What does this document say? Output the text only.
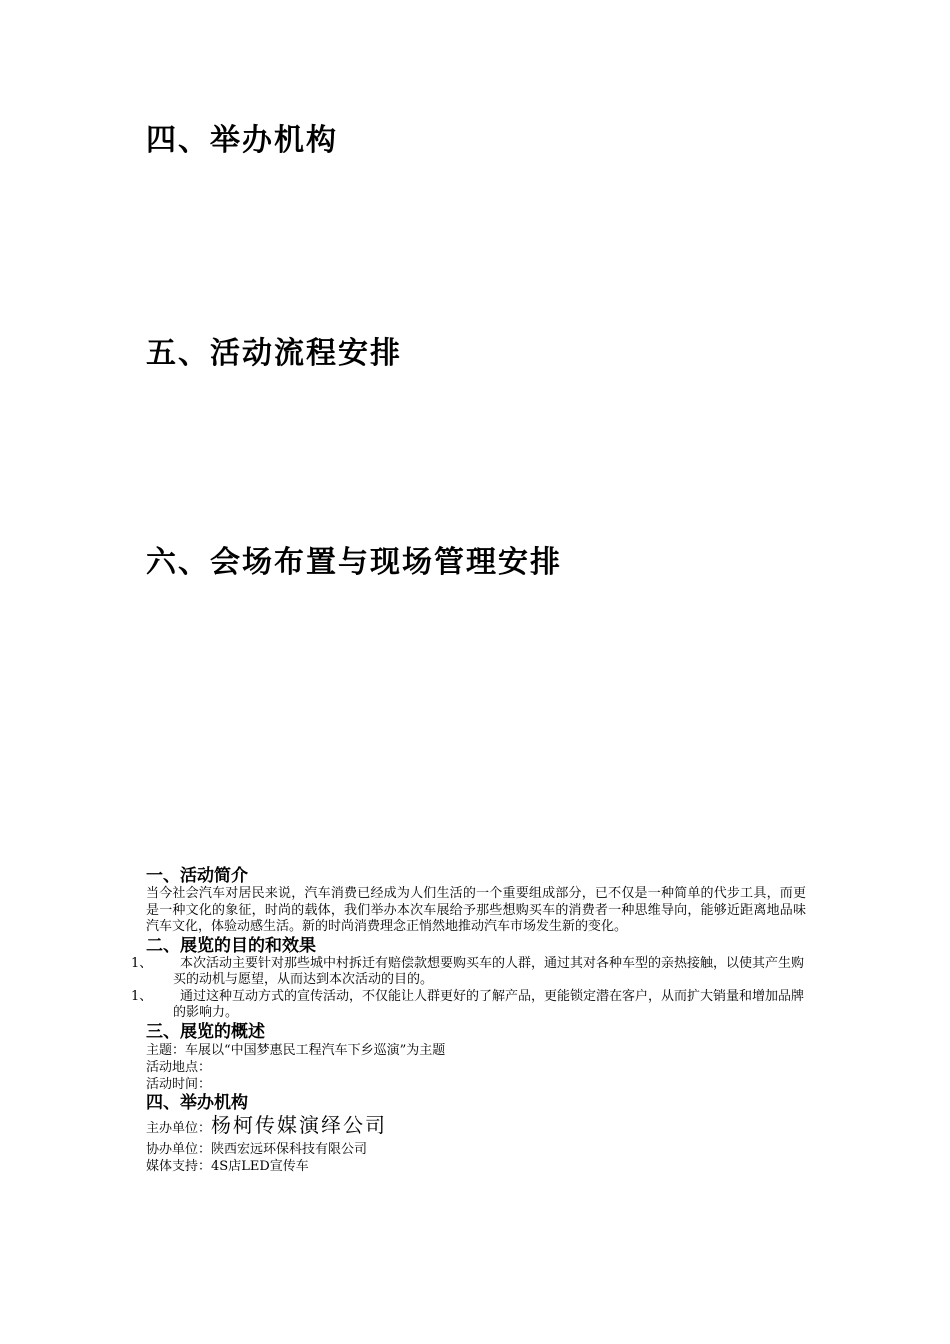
四、举办机构
五、活动流程安排
六、会场布置与现场管理安排
一、活动简介

当今社会汽车对居民来说，汽车消费已经成为人们生活的一个重要组成部分，已不仅是一种简单的代步工具，而更是一种文化的象征，时尚的载体，我们举办本次车展给予那些想购买车的消费者一种思维导向，能够近距离地品味汽车文化，体验动感生活。新的时尚消费理念正悄然地推动汽车市场发生新的变化。

二、展览的目的和效果
1、	本次活动主要针对那些城中村拆迁有赔偿款想要购买车的人群，通过其对各种车型的亲热接触，以使其产生购买的动机与愿望，从而达到本次活动的目的。
1、	通过这种互动方式的宣传活动，不仅能让人群更好的了解产品，更能锁定潜在客户，从而扩大销量和增加品牌的影响力。
三、展览的概述

主题：车展以“中国梦惠民工程汽车下乡巡演”为主题

活动地点：

活动时间：

四、举办机构

主办单位：杨柯传媒演绎公司

协办单位：陕西宏远环保科技有限公司

媒体支持：4S店LED宣传车
